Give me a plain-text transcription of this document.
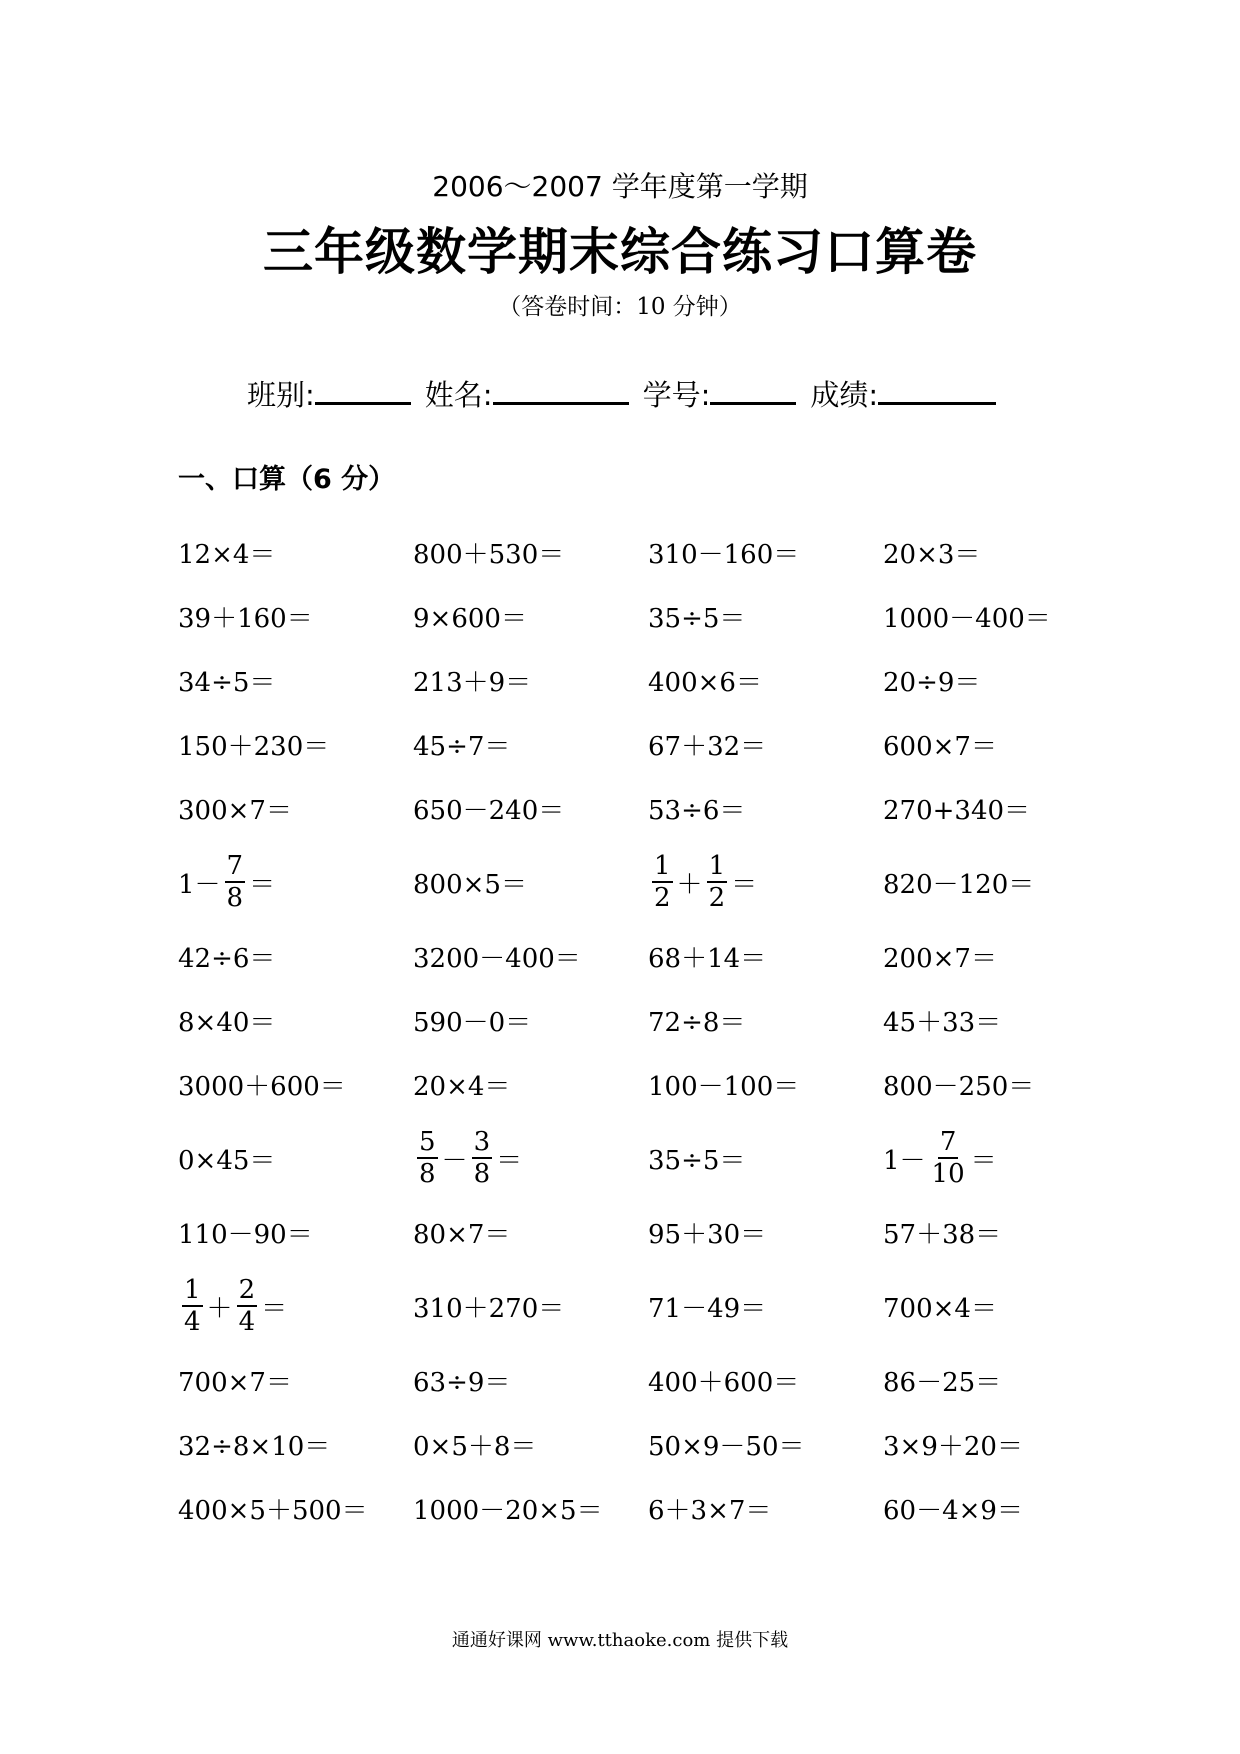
2006～2007 学年度第一学期
三年级数学期末综合练习口算卷
（答卷时间：10 分钟）
班别:	姓名:	学号:	成绩:
一、口算（6 分）
12×4＝	800＋530＝	310－160＝	20×3＝
39＋160＝	9×600＝	35÷5＝	1000－400＝
34÷5＝	213＋9＝	400×6＝	20÷9＝
150＋230＝	45÷7＝	67＋32＝	600×7＝
300×7＝	650－240＝	53÷6＝	270+340＝
$1- \frac{7}{8}$ ＝	800×5＝	$\frac{1}{2} + \frac{1}{2}$ ＝	820－120＝
42÷6＝	3200－400＝	68＋14＝	200×7＝
8×40＝	590－0＝	72÷8＝	45＋33＝
3000＋600＝	20×4＝	100－100＝	800－250＝
0×45＝	$\frac{5}{8} - \frac{3}{8}$ ＝	35÷5＝	$1- \frac{7}{10}$ ＝
110－90＝	80×7＝	95＋30＝	57＋38＝
$\frac{1}{4} + \frac{2}{4}$ ＝	310＋270＝	71－49＝	700×4＝
700×7＝	63÷9＝	400＋600＝	86－25＝
32÷8×10＝	0×5＋8＝	50×9－50＝	3×9＋20＝
400×5＋500＝ 1000－20×5＝ 6＋3×7＝	60－4×9＝
通通好课网 www.tthaoke.com 提供下载
